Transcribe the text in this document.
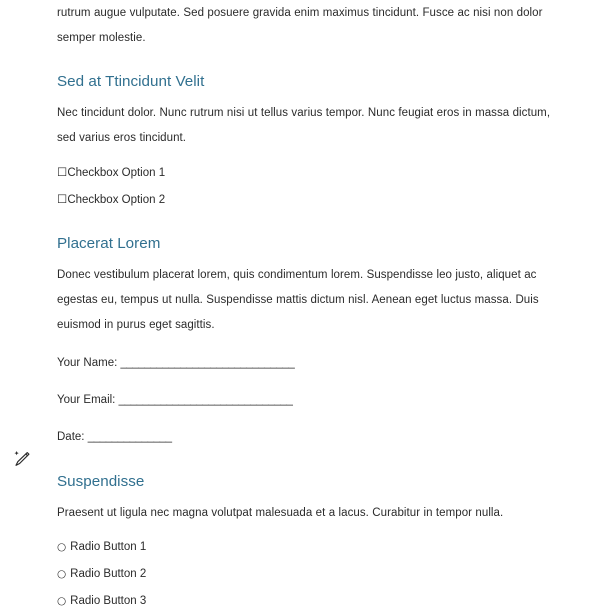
rutrum augue vulputate. Sed posuere gravida enim maximus tincidunt. Fusce ac nisi non dolor semper molestie.

Sed at Ttincidunt Velit

Nec tincidunt dolor. Nunc rutrum nisi ut tellus varius tempor. Nunc feugiat eros in massa dictum, sed varius eros tincidunt.

☐Checkbox Option 1
☐Checkbox Option 2
Placerat Lorem

Donec vestibulum placerat lorem, quis condimentum lorem. Suspendisse leo justo, aliquet ac egestas eu, tempus ut nulla. Suspendisse mattis dictum nisl. Aenean eget luctus massa. Duis euismod in purus eget sagittis.

Your Name: _____________________________
Your Email: _____________________________
Date: ______________
Suspendisse

Praesent ut ligula nec magna volutpat malesuada et a lacus. Curabitur in tempor nulla.

○ Radio Button 1
○ Radio Button 2
○ Radio Button 3
